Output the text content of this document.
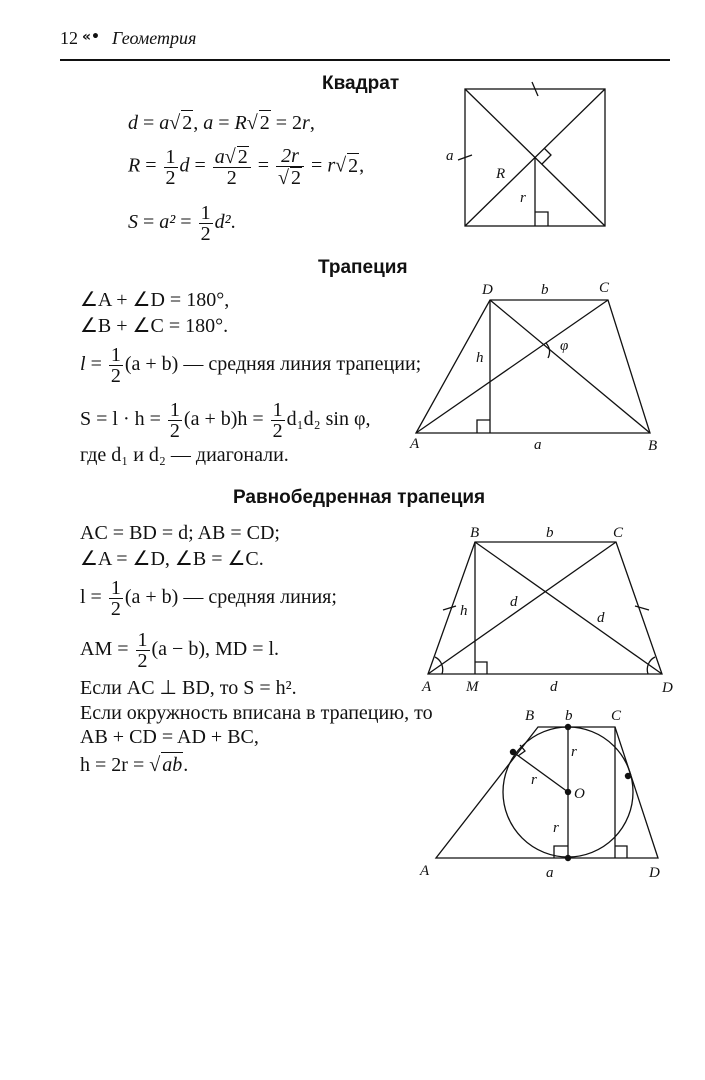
12 «• Геометрия
Квадрат
d = a√ 2, a = R√ 2 = 2r,
$R = \frac{1}{2}$ $d = \frac{a√ 2}{2} = \frac{2r}{√ 2} = r√$ 2,
$S = a^2 = \frac{1}{2} d^2$.
a
R
r
Трапеция
∠A + ∠D = 180°,
∠B + ∠C = 180°.
$l = \frac{1}{2} (a + b)$ — средняя линия трапеции;
$S = l \cdot h = \frac{1}{2} (a + b)h = \frac{1}{2} d_1d_2$ sin φ,
где d₁ и d₂ — диагонали.
D	b	C
φ
h
A	a	B
Равнобедренная трапеция
AC = BD = d; AB = CD;
∠A = ∠D, ∠B = ∠C.
$l = \frac{1}{2} (a + b)$ — средняя линия;
AM = $\frac{1}{2} (a - b)$, MD = l.
Если AC ⊥ BD, то S = h².
Если окружность вписана в трапецию, то
AB + CD = AD + BC,
h = 2r = √ ab.
B	b	C
h
d
d
A M	d	D
B b	C
r
r
O
r
A	a	D
